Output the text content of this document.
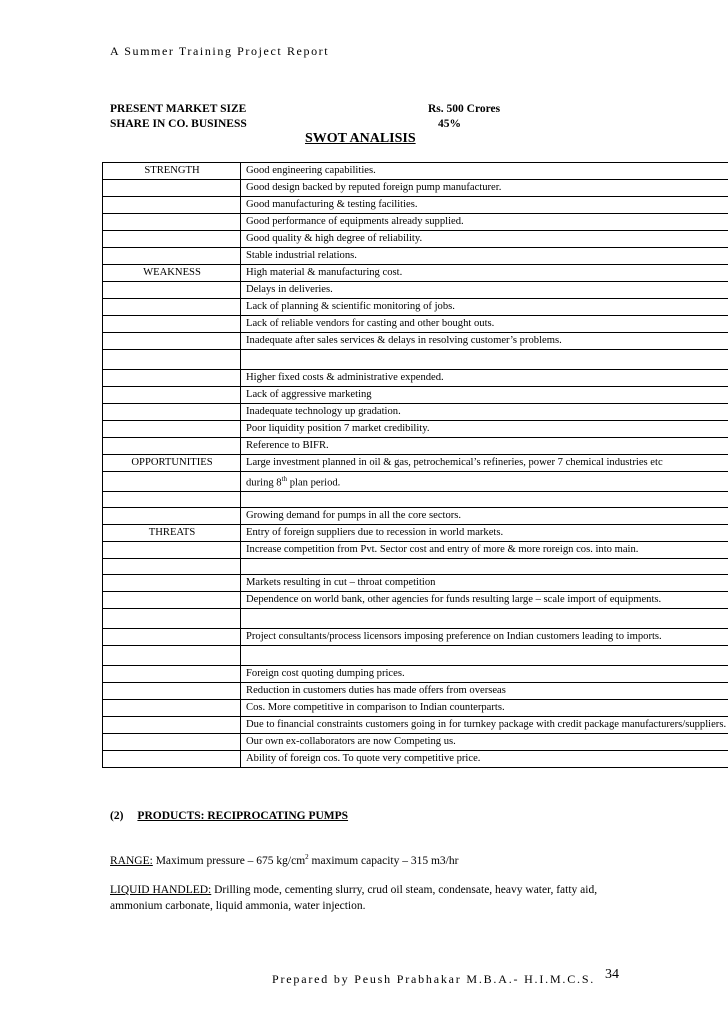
A Summer Training Project Report
PRESENT MARKET SIZE	Rs. 500 Crores
SHARE IN CO. BUSINESS	45%
SWOT ANALISIS
STRENGTH	Good engineering capabilities.
	Good design backed by reputed foreign pump manufacturer.
	Good manufacturing & testing facilities.
	Good performance of equipments already supplied.
	Good quality & high degree of reliability.
	Stable industrial relations.
WEAKNESS	High material & manufacturing cost.
	Delays in deliveries.
	Lack of planning & scientific monitoring of jobs.
	Lack of reliable vendors for casting and other bought outs.
	Inadequate after sales services & delays in resolving customer’s problems.

	Higher fixed costs & administrative expended.
	Lack of aggressive marketing
	Inadequate technology up gradation.
	Poor liquidity position 7 market credibility.
	Reference to BIFR.
OPPORTUNITIES	Large investment planned in oil & gas, petrochemical’s refineries, power 7 chemical industries etc
	during 8th plan period.

	Growing demand for pumps in all the core sectors.
THREATS	Entry of foreign suppliers due to recession in world markets.
	Increase competition from Pvt. Sector cost and entry of more & more roreign cos. into main.

	Markets resulting in cut – throat competition
	Dependence on world bank, other agencies for funds resulting large – scale import of equipments.

	Project consultants/process licensors imposing preference on Indian customers leading to imports.

	Foreign cost quoting dumping prices.
	Reduction in customers duties has made offers from overseas
	Cos. More competitive in comparison to Indian counterparts.
	Due to financial constraints customers going in for turnkey package with credit package manufacturers/suppliers.
	Our own ex-collaborators are now Competing us.
	Ability of foreign cos. To quote very competitive price.
(2) PRODUCTS: RECIPROCATING PUMPS
RANGE: Maximum pressure – 675 $kg/cm^2$ maximum capacity – 315 m3/hr
LIQUID HANDLED: Drilling mode, cementing slurry, crud oil steam, condensate, heavy water, fatty aid, ammonium carbonate, liquid ammonia, water injection.
Prepared by Peush Prabhakar M.B.A.- H.I.M.C.S. 34
